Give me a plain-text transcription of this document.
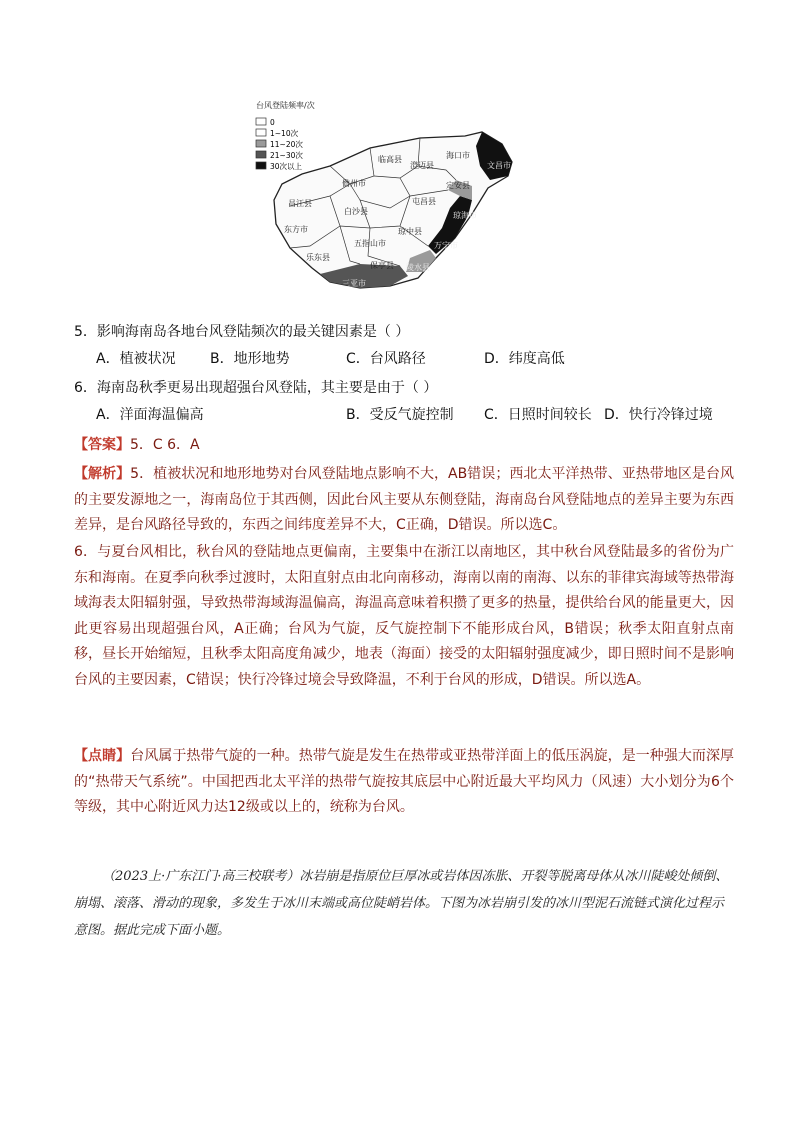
台风登陆频率/次
0
1~10次
11~20次
21~30次
30次以上
临高县
澄迈县
海口市
文昌市
儋州市	定安县
昌江县
白沙县
屯昌县
琼海市
东方市	琼中县
五指山市	万宁市
乐东县
保亭县 陵水县
三亚市
5．影响海南岛各地台风登陆频次的最关键因素是（ ）
A．植被状况 B．地形地势	C．台风路径	D．纬度高低
6．海南岛秋季更易出现超强台风登陆，其主要是由于（ ）
A．洋面海温偏高	B．受反气旋控制 C．日照时间较长 D．快行冷锋过境
【答案】5．C 6．A
【解析】5．植被状况和地形地势对台风登陆地点影响不大，AB错误；西北太平洋热带、亚热带地区是台风的主要发源地之一，海南岛位于其西侧，因此台风主要从东侧登陆，海南岛台风登陆地点的差异主要为东西差异，是台风路径导致的，东西之间纬度差异不大，C正确，D错误。所以选C。
6．与夏台风相比，秋台风的登陆地点更偏南，主要集中在浙江以南地区，其中秋台风登陆最多的省份为广东和海南。在夏季向秋季过渡时，太阳直射点由北向南移动，海南以南的南海、以东的菲律宾海域等热带海域海表太阳辐射强，导致热带海域海温偏高，海温高意味着积攒了更多的热量，提供给台风的能量更大，因此更容易出现超强台风，A正确；台风为气旋，反气旋控制下不能形成台风，B错误；秋季太阳直射点南移，昼长开始缩短，且秋季太阳高度角减少，地表（海面）接受的太阳辐射强度减少，即日照时间不是影响台风的主要因素，C错误；快行冷锋过境会导致降温，不利于台风的形成，D错误。所以选A。
【点睛】台风属于热带气旋的一种。热带气旋是发生在热带或亚热带洋面上的低压涡旋，是一种强大而深厚的“热带天气系统”。中国把西北太平洋的热带气旋按其底层中心附近最大平均风力（风速）大小划分为6个等级，其中心附近风力达12级或以上的，统称为台风。
（2023上·广东江门·高三校联考）冰岩崩是指原位巨厚冰或岩体因冻胀、开裂等脱离母体从冰川陡峻处倾倒、崩塌、滚落、滑动的现象，多发生于冰川末端或高位陡峭岩体。下图为冰岩崩引发的冰川型泥石流链式演化过程示意图。据此完成下面小题。
